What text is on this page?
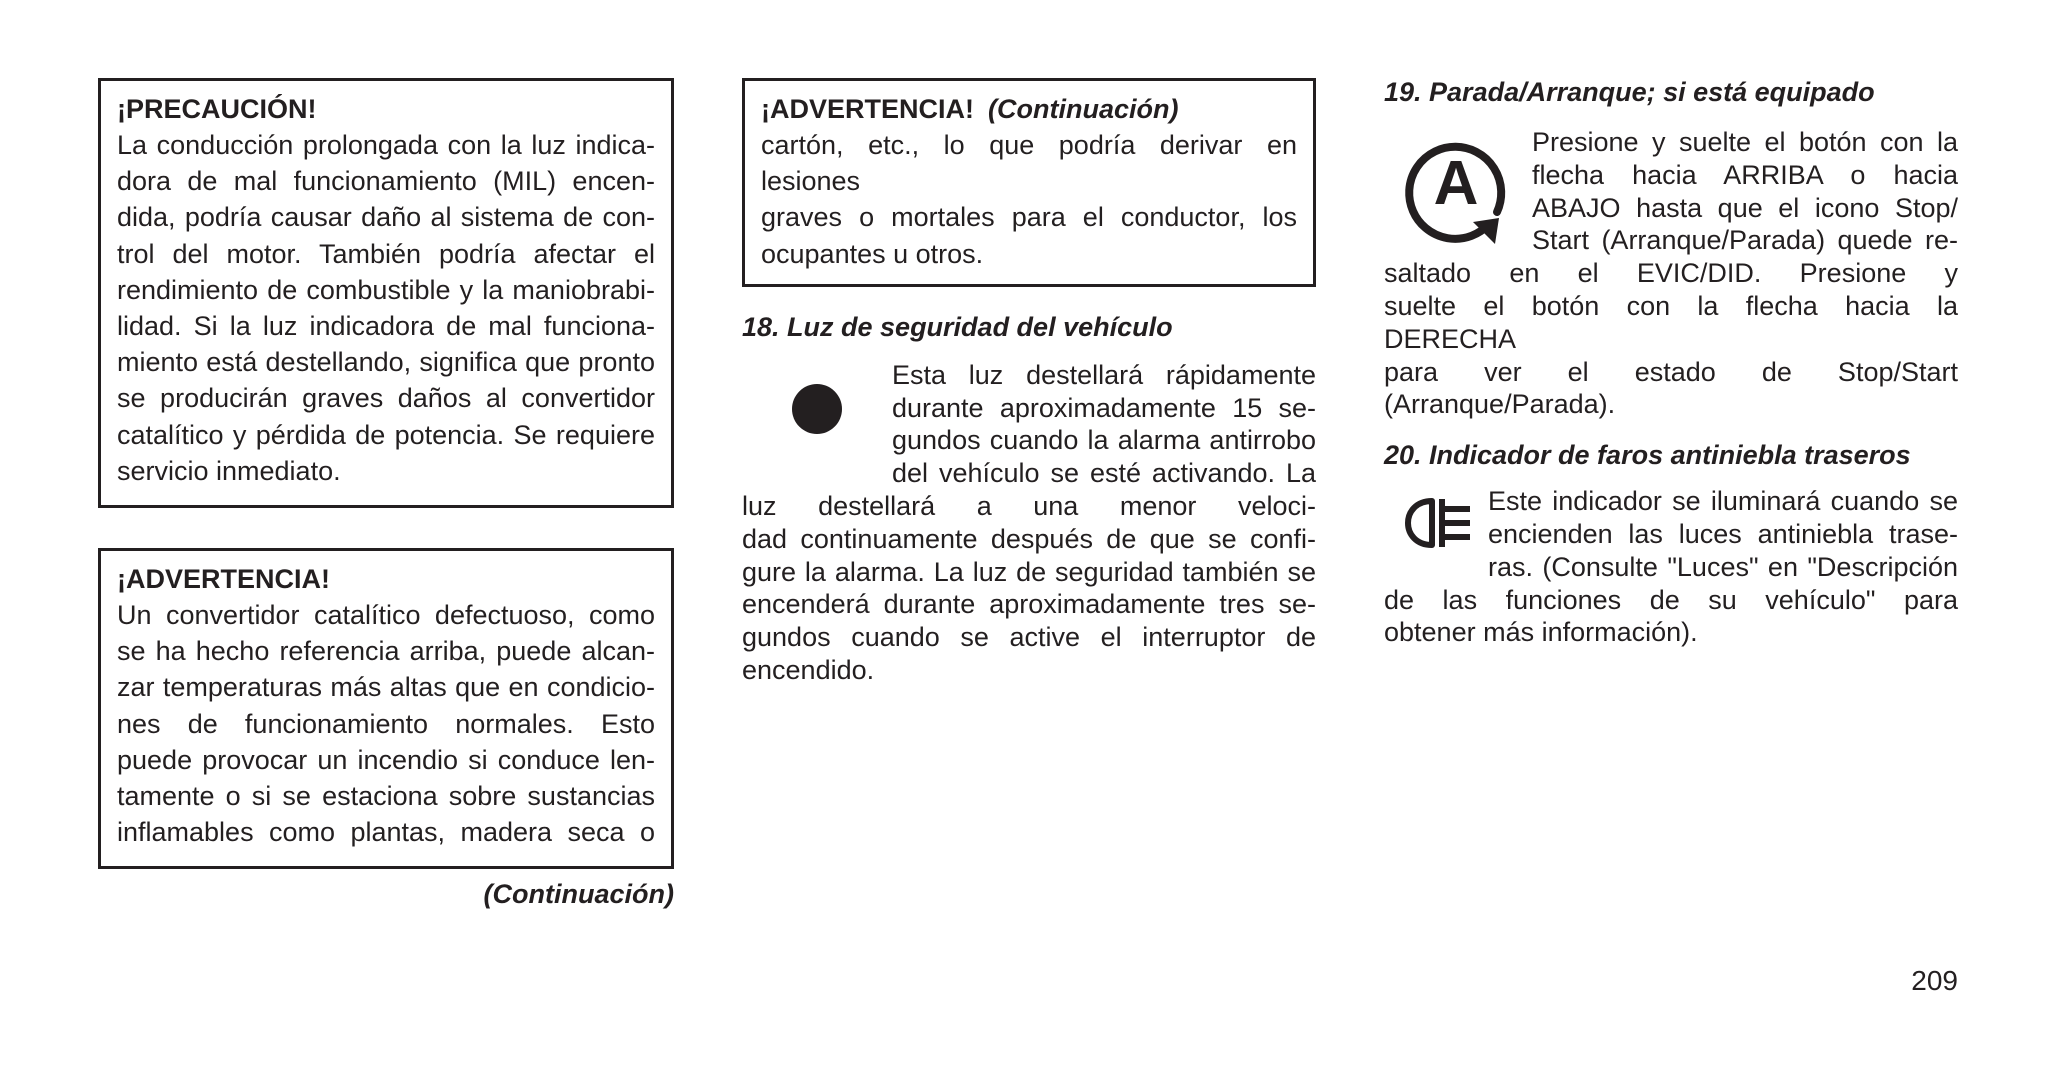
¡PRECAUCIÓN!
La conducción prolongada con la luz indica-
dora de mal funcionamiento (MIL) encen-
dida, podría causar daño al sistema de con-
trol del motor. También podría afectar el
rendimiento de combustible y la maniobrabi-
lidad. Si la luz indicadora de mal funciona-
miento está destellando, significa que pronto
se producirán graves daños al convertidor
catalítico y pérdida de potencia. Se requiere
servicio inmediato.
¡ADVERTENCIA!
Un convertidor catalítico defectuoso, como
se ha hecho referencia arriba, puede alcan-
zar temperaturas más altas que en condicio-
nes de funcionamiento normales. Esto
puede provocar un incendio si conduce len-
tamente o si se estaciona sobre sustancias
inflamables como plantas, madera seca o
(Continuación)
¡ADVERTENCIA! (Continuación)
cartón, etc., lo que podría derivar en lesiones
graves o mortales para el conductor, los
ocupantes u otros.
18. Luz de seguridad del vehículo
Esta luz destellará rápidamente
durante aproximadamente 15 se-
gundos cuando la alarma antirrobo
del vehículo se esté activando. La
luz destellará a una menor veloci-
dad continuamente después de que se confi-
gure la alarma. La luz de seguridad también se
encenderá durante aproximadamente tres se-
gundos cuando se active el interruptor de
encendido.
19. Parada/Arranque; si está equipado
A
Presione y suelte el botón con la
flecha hacia ARRIBA o hacia
ABAJO hasta que el icono Stop/
Start (Arranque/Parada) quede re-
saltado en el EVIC/DID. Presione y
suelte el botón con la flecha hacia la DERECHA
para ver el estado de Stop/Start
(Arranque/Parada).
20. Indicador de faros antiniebla traseros
Este indicador se iluminará cuando se
encienden las luces antiniebla trase-
ras. (Consulte "Luces" en "Descripción
de las funciones de su vehículo" para
obtener más información).
209
